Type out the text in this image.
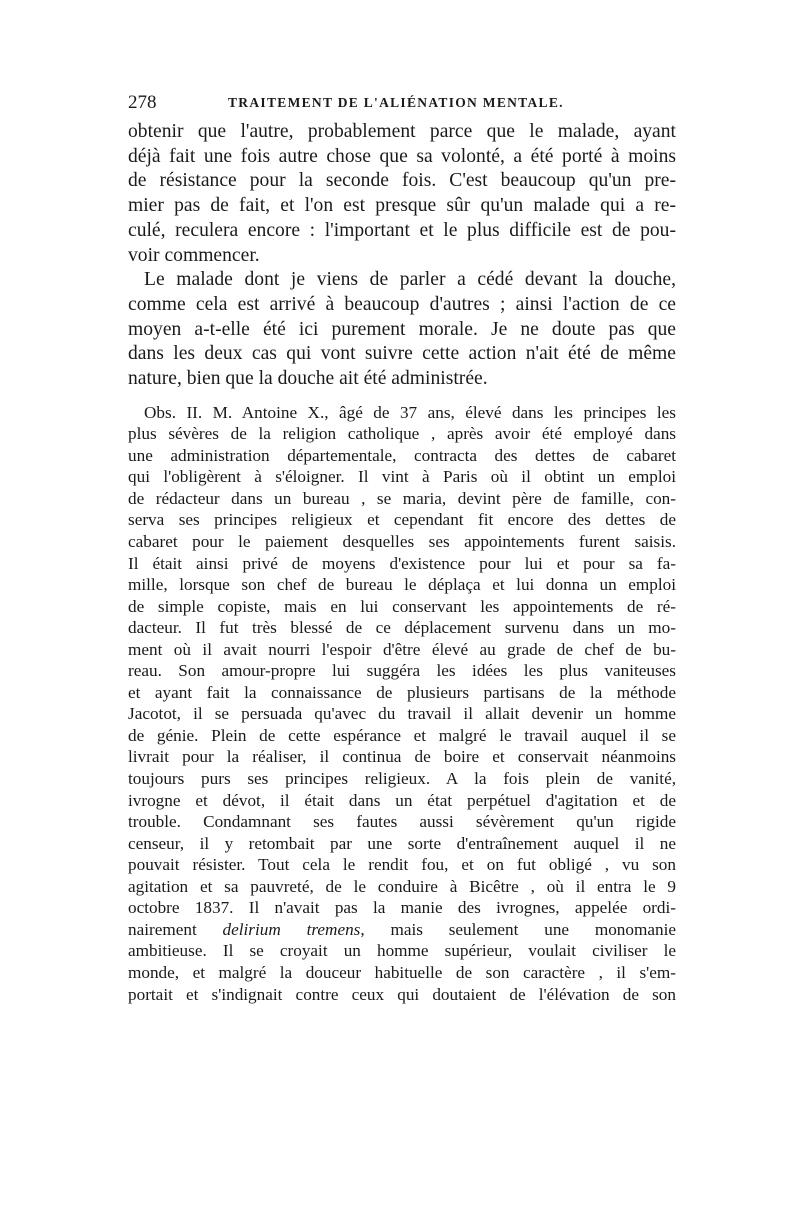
278	TRAITEMENT DE L'ALIÉNATION MENTALE.
obtenir que l'autre, probablement parce que le malade, ayant
déjà fait une fois autre chose que sa volonté, a été porté à moins
de résistance pour la seconde fois. C'est beaucoup qu'un pre-
mier pas de fait, et l'on est presque sûr qu'un malade qui a re-
culé, reculera encore : l'important et le plus difficile est de pou-
voir commencer.
Le malade dont je viens de parler a cédé devant la douche,
comme cela est arrivé à beaucoup d'autres ; ainsi l'action de ce
moyen a-t-elle été ici purement morale. Je ne doute pas que
dans les deux cas qui vont suivre cette action n'ait été de même
nature, bien que la douche ait été administrée.
Obs. II. M. Antoine X., âgé de 37 ans, élevé dans les principes les
plus sévères de la religion catholique , après avoir été employé dans
une administration départementale, contracta des dettes de cabaret
qui l'obligèrent à s'éloigner. Il vint à Paris où il obtint un emploi
de rédacteur dans un bureau , se maria, devint père de famille, con-
serva ses principes religieux et cependant fit encore des dettes de
cabaret pour le paiement desquelles ses appointements furent saisis.
Il était ainsi privé de moyens d'existence pour lui et pour sa fa-
mille, lorsque son chef de bureau le déplaça et lui donna un emploi
de simple copiste, mais en lui conservant les appointements de ré-
dacteur. Il fut très blessé de ce déplacement survenu dans un mo-
ment où il avait nourri l'espoir d'être élevé au grade de chef de bu-
reau. Son amour-propre lui suggéra les idées les plus vaniteuses
et ayant fait la connaissance de plusieurs partisans de la méthode
Jacotot, il se persuada qu'avec du travail il allait devenir un homme
de génie. Plein de cette espérance et malgré le travail auquel il se
livrait pour la réaliser, il continua de boire et conservait néanmoins
toujours purs ses principes religieux. A la fois plein de vanité,
ivrogne et dévot, il était dans un état perpétuel d'agitation et de
trouble. Condamnant ses fautes aussi sévèrement qu'un rigide
censeur, il y retombait par une sorte d'entraînement auquel il ne
pouvait résister. Tout cela le rendit fou, et on fut obligé , vu son
agitation et sa pauvreté, de le conduire à Bicêtre , où il entra le 9
octobre 1837. Il n'avait pas la manie des ivrognes, appelée ordi-
nairement delirium tremens, mais seulement une monomanie
ambitieuse. Il se croyait un homme supérieur, voulait civiliser le
monde, et malgré la douceur habituelle de son caractère , il s'em-
portait et s'indignait contre ceux qui doutaient de l'élévation de son
